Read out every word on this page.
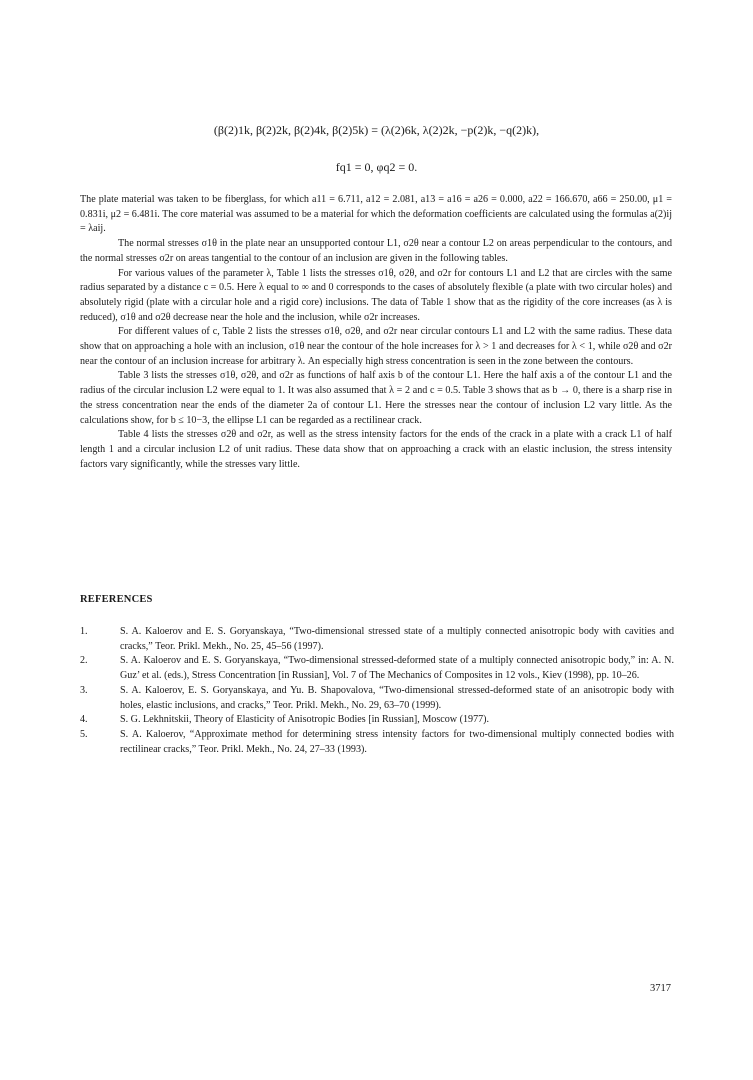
(β(2)1k, β(2)2k, β(2)4k, β(2)5k) = (λ(2)6k, λ(2)2k, −p(2)k, −q(2)k),
fq1 = 0, φq2 = 0.

The plate material was taken to be fiberglass, for which a11 = 6.711, a12 = 2.081, a13 = a16 = a26 = 0.000, a22 = 166.670, a66 = 250.00, μ1 = 0.831i, μ2 = 6.481i. The core material was assumed to be a material for which the deformation coefficients are calculated using the formulas a(2)ij = λaij.

The normal stresses σ1θ in the plate near an unsupported contour L1, σ2θ near a contour L2 on areas perpendicular to the contours, and the normal stresses σ2r on areas tangential to the contour of an inclusion are given in the following tables.

For various values of the parameter λ, Table 1 lists the stresses σ1θ, σ2θ, and σ2r for contours L1 and L2 that are circles with the same radius separated by a distance c = 0.5. Here λ equal to ∞ and 0 corresponds to the cases of absolutely flexible (a plate with two circular holes) and absolutely rigid (plate with a circular hole and a rigid core) inclusions. The data of Table 1 show that as the rigidity of the core increases (as λ is reduced), σ1θ and σ2θ decrease near the hole and the inclusion, while σ2r increases.

For different values of c, Table 2 lists the stresses σ1θ, σ2θ, and σ2r near circular contours L1 and L2 with the same radius. These data show that on approaching a hole with an inclusion, σ1θ near the contour of the hole increases for λ > 1 and decreases for λ < 1, while σ2θ and σ2r near the contour of an inclusion increase for arbitrary λ. An especially high stress concentration is seen in the zone between the contours.

Table 3 lists the stresses σ1θ, σ2θ, and σ2r as functions of half axis b of the contour L1. Here the half axis a of the contour L1 and the radius of the circular inclusion L2 were equal to 1. It was also assumed that λ = 2 and c = 0.5. Table 3 shows that as b → 0, there is a sharp rise in the stress concentration near the ends of the diameter 2a of contour L1. Here the stresses near the contour of inclusion L2 vary little. As the calculations show, for b ≤ 10−3, the ellipse L1 can be regarded as a rectilinear crack.

Table 4 lists the stresses σ2θ and σ2r, as well as the stress intensity factors for the ends of the crack in a plate with a crack L1 of half length 1 and a circular inclusion L2 of unit radius. These data show that on approaching a crack with an elastic inclusion, the stress intensity factors vary significantly, while the stresses vary little.

REFERENCES
1.	S. A. Kaloerov and E. S. Goryanskaya, “Two-dimensional stressed state of a multiply connected anisotropic body with cavities and cracks,” Teor. Prikl. Mekh., No. 25, 45–56 (1997).
2.	S. A. Kaloerov and E. S. Goryanskaya, “Two-dimensional stressed-deformed state of a multiply connected anisotropic body,” in: A. N. Guz’ et al. (eds.), Stress Concentration [in Russian], Vol. 7 of The Mechanics of Composites in 12 vols., Kiev (1998), pp. 10–26.
3.	S. A. Kaloerov, E. S. Goryanskaya, and Yu. B. Shapovalova, “Two-dimensional stressed-deformed state of an anisotropic body with holes, elastic inclusions, and cracks,” Teor. Prikl. Mekh., No. 29, 63–70 (1999).
4.	S. G. Lekhnitskii, Theory of Elasticity of Anisotropic Bodies [in Russian], Moscow (1977).
5.	S. A. Kaloerov, “Approximate method for determining stress intensity factors for two-dimensional multiply connected bodies with rectilinear cracks,” Teor. Prikl. Mekh., No. 24, 27–33 (1993).
3717
